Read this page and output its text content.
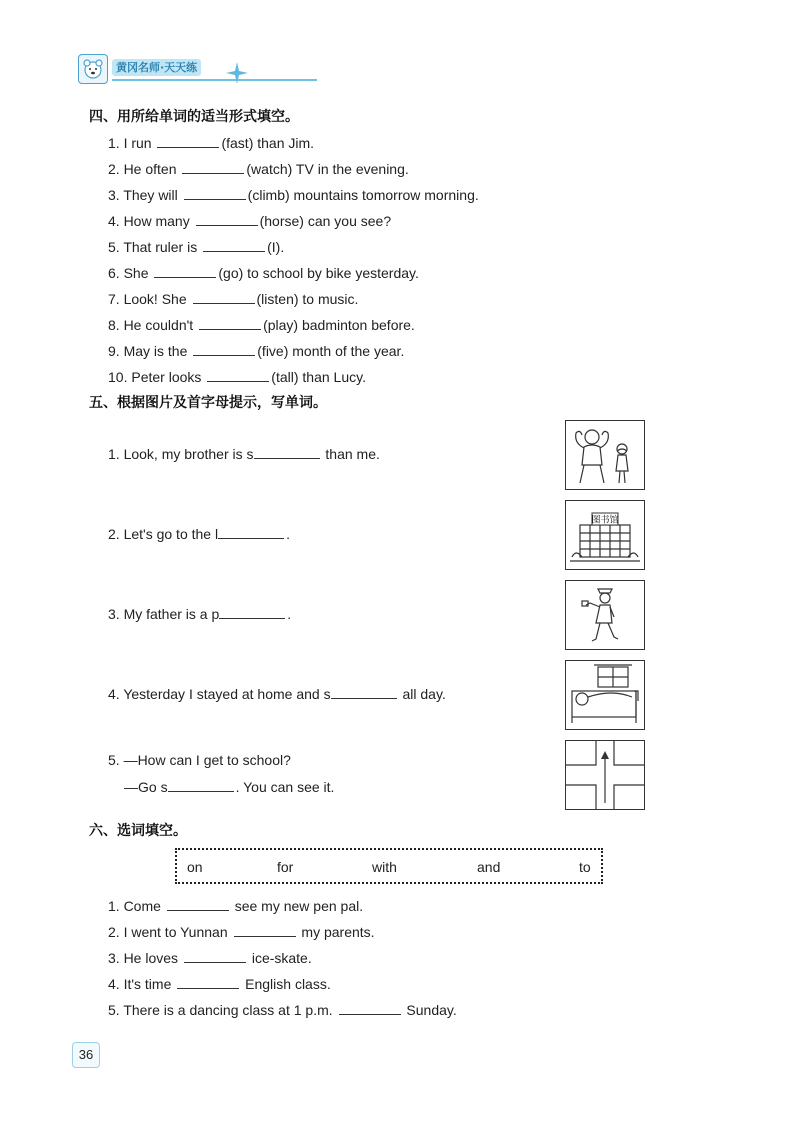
黄冈名师·天天练
四、用所给单词的适当形式填空。
1. I run	(fast) than Jim.
2. He often	(watch) TV in the evening.
3. They will	(climb) mountains tomorrow morning.
4. How many	(horse) can you see?
5. That ruler is	(I).
6. She	(go) to school by bike yesterday.
7. Look! She	(listen) to music.
8. He couldn't	(play) badminton before.
9. May is the	(five) month of the year.
10. Peter looks	(tall) than Lucy.
五、根据图片及首字母提示，写单词。
1. Look, my brother is s	than me.
2. Let's go to the l	.
3. My father is a p	.
4. Yesterday I stayed at home and s	all day.
5. —How can I get to school?
—Go s	. You can see it.
图书馆
六、选词填空。
on	for	with	and	to
1. Come	see my new pen pal.
2. I went to Yunnan	my parents.
3. He loves	ice-skate.
4. It's time	English class.
5. There is a dancing class at 1 p.m.	Sunday.
36
